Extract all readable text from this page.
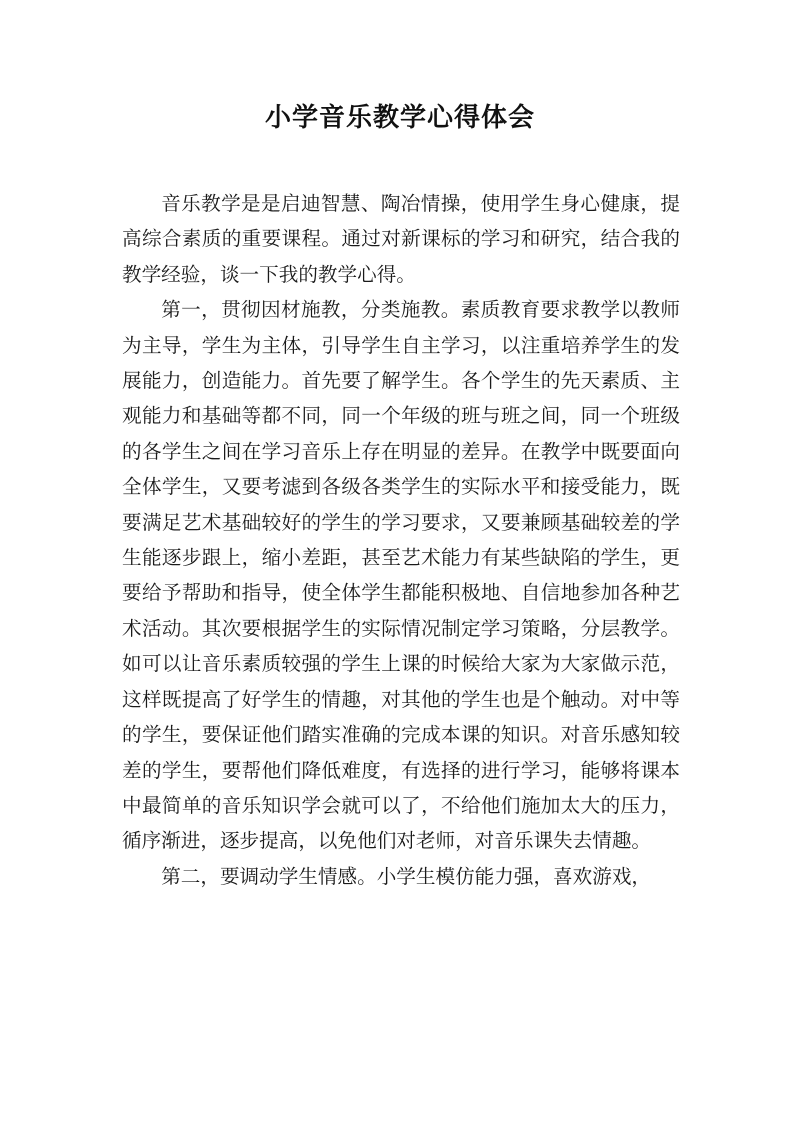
小学音乐教学心得体会

音乐教学是是启迪智慧、陶冶情操，使用学生身心健康，提高综合素质的重要课程。通过对新课标的学习和研究，结合我的教学经验，谈一下我的教学心得。

第一，贯彻因材施教，分类施教。素质教育要求教学以教师为主导，学生为主体，引导学生自主学习，以注重培养学生的发展能力，创造能力。首先要了解学生。各个学生的先天素质、主观能力和基础等都不同，同一个年级的班与班之间，同一个班级的各学生之间在学习音乐上存在明显的差异。在教学中既要面向全体学生，又要考滤到各级各类学生的实际水平和接受能力，既要满足艺术基础较好的学生的学习要求，又要兼顾基础较差的学生能逐步跟上，缩小差距，甚至艺术能力有某些缺陷的学生，更要给予帮助和指导，使全体学生都能积极地、自信地参加各种艺术活动。其次要根据学生的实际情况制定学习策略，分层教学。如可以让音乐素质较强的学生上课的时候给大家为大家做示范，这样既提高了好学生的情趣，对其他的学生也是个触动。对中等的学生，要保证他们踏实准确的完成本课的知识。对音乐感知较差的学生，要帮他们降低难度，有选择的进行学习，能够将课本中最简单的音乐知识学会就可以了，不给他们施加太大的压力，循序渐进，逐步提高，以免他们对老师，对音乐课失去情趣。

第二，要调动学生情感。小学生模仿能力强，喜欢游戏，
